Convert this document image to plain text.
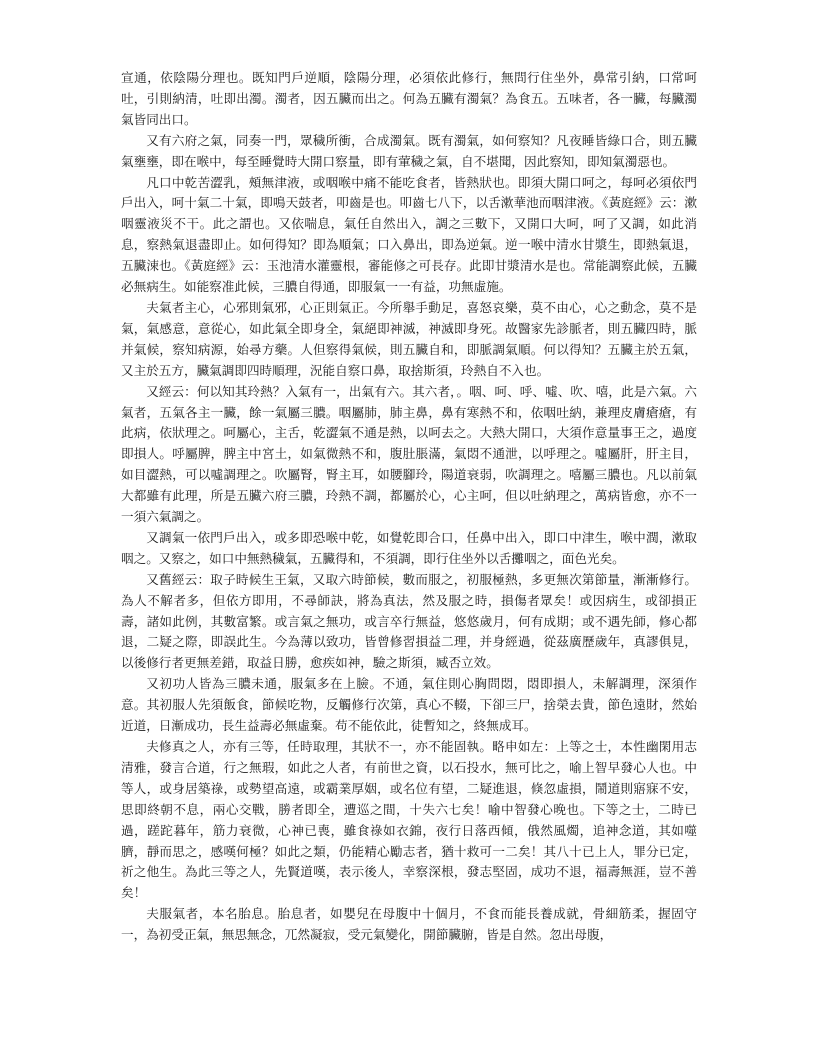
宣通，依陰陽分理也。既知門戶逆順，陰陽分理，必須依此修行，無問行住坐外，鼻常引納，口常呵吐，引則納清，吐即出濁。濁者，因五臟而出之。何為五臟有濁氣？為食五。五味者，各一臟，每臟濁氣皆同出口。

又有六府之氣，同奏一門，眾穢所衝，合成濁氣。既有濁氣，如何察知？凡夜睡皆綠口合，則五臟氣壅壅，即在喉中，每至睡覺時大開口察量，即有葷穢之氣，自不堪聞，因此察知，即知氣濁惡也。

凡口中乾苦澀乳，頰無津液，或咽喉中痛不能吃食者，皆熱狀也。即須大開口呵之，每呵必須依門戶出入，呵十氣二十氣，即鳴天鼓者，叩齒是也。叩齒七八下，以舌漱華池而咽津液。《黃庭經》云：漱咽靈液災不干。此之謂也。又依喘息，氣任自然出入，調之三數下，又開口大呵，呵了又調，如此消息，察熱氣退盡即止。如何得知？即為順氣；口入鼻出，即為逆氣。逆一喉中清水甘漿生，即熱氣退，五臟涑也。《黃庭經》云：玉池清水灌靈根，審能修之可長存。此即甘漿清水是也。常能調察此候，五臟必無病生。如能察准此候，三膿自得通，即服氣一一有益，功無虛施。

夫氣者主心，心邪則氣邪，心正則氣正。今所舉手動足，喜怒哀樂，莫不由心，心之動念，莫不是氣，氣感意，意從心，如此氣全即身全，氣絕即神滅，神滅即身死。故醫家先診脈者，則五臟四時，脈并氣候，察知病源，始尋方藥。人但察得氣候，則五臟自和，即脈調氣順。何以得知？五臟主於五氣，又主於五方，臟氣調即四時順理，況能自察口鼻，取捨斯須，玲熱自不入也。

又經云：何以知其玲熱？入氣有一，出氣有六。其六者，。咽、呵、呼、噓、吹、嘻，此是六氣。六氣者，五氣各主一臟，餘一氣屬三膿。咽屬肺，肺主鼻，鼻有寒熱不和，依咽吐納，兼理皮膚瘡瘡，有此病，依狀理之。呵屬心，主舌，乾澀氣不通是熱，以呵去之。大熱大開口，大須作意量事王之，過度即損人。呼屬脾，脾主中宮土，如氣微熱不和，腹肚脹滿，氣悶不通泄，以呼理之。噓屬肝，肝主目，如目澀熱，可以噓調理之。吹屬腎，腎主耳，如腰腳玲，陽道衰弱，吹調理之。嘻屬三膿也。凡以前氣大都雖有此理，所是五臟六府三膿，玲熱不調，都屬於心，心主呵，但以吐納理之，萬病皆愈，亦不一一須六氣調之。

又調氣一依門戶出入，或多即恐喉中乾，如覺乾即合口，任鼻中出入，即口中津生，喉中潤，漱取咽之。又察之，如口中無熱穢氣，五臟得和，不須調，即行住坐外以舌攤咽之，面色光矣。

又舊經云：取子時候生王氣，又取六時節候，數而服之，初服極熱，多更無次第節量，漸漸修行。為人不解者多，但依方即用，不尋師訣，將為真法，然及服之時，損傷者眾矣！或因病生，或卻損正壽，諸如此例，其數富繁。或言氣之無功，或言卒行無益，悠悠歲月，何有成期；或不遇先師，修心都退，二疑之際，即誤此生。今為薄以致功，皆曾修習損益二理，并身經過，從茲廣歷歲年，真謬俱見，以後修行者更無差錯，取益日勝，愈疾如神，驗之斯須，臧否立效。

又初功人皆為三膿未通，服氣多在上臉。不通，氣住則心胸問悶，悶即損人，未解調理，深須作意。其初服人先須飯食，節候吃物，反觸修行次第，真心不輟，下卻三尸，捨榮去貴，節色遠財，然始近道，日漸成功，長生益壽必無虛棄。苟不能依此，徒暫知之，終無成耳。

夫修真之人，亦有三等，任時取理，其狀不一，亦不能固執。略申如左：上等之士，本性幽閑用志清雅，發言合道，行之無瑕，如此之人者，有前世之資，以石投水，無可比之，喻上智早發心人也。中等人，或身居築祿，或勢望高遠，或霸業厚姻，或名位有望，二疑進退，倏忽虛損，鬧道則寤寐不安，思即終朝不息，兩心交戰，勝者即全，遭巡之間，十失六七矣！喻中智發心晚也。下等之士，二時已過，蹉跎暮年，筋力衰微，心神已喪，雖食祿如衣錦，夜行日落西傾，俄然風燭，追神念道，其如噬臍，靜而思之，感嘆何極？如此之類，仍能精心勵志者，猶十救可一二矣！其八十已上人，罪分已定，祈之他生。為此三等之人，先賢道嘆，表示後人，幸察深根，發志堅固，成功不退，福壽無涯，豈不善矣！

夫服氣者，本名胎息。胎息者，如嬰兒在母腹中十個月，不食而能長養成就，骨細筋柔，握固守一，為初受正氣，無思無念，兀然凝寂，受元氣變化，開節臟腑，皆是自然。忽出母腹，
